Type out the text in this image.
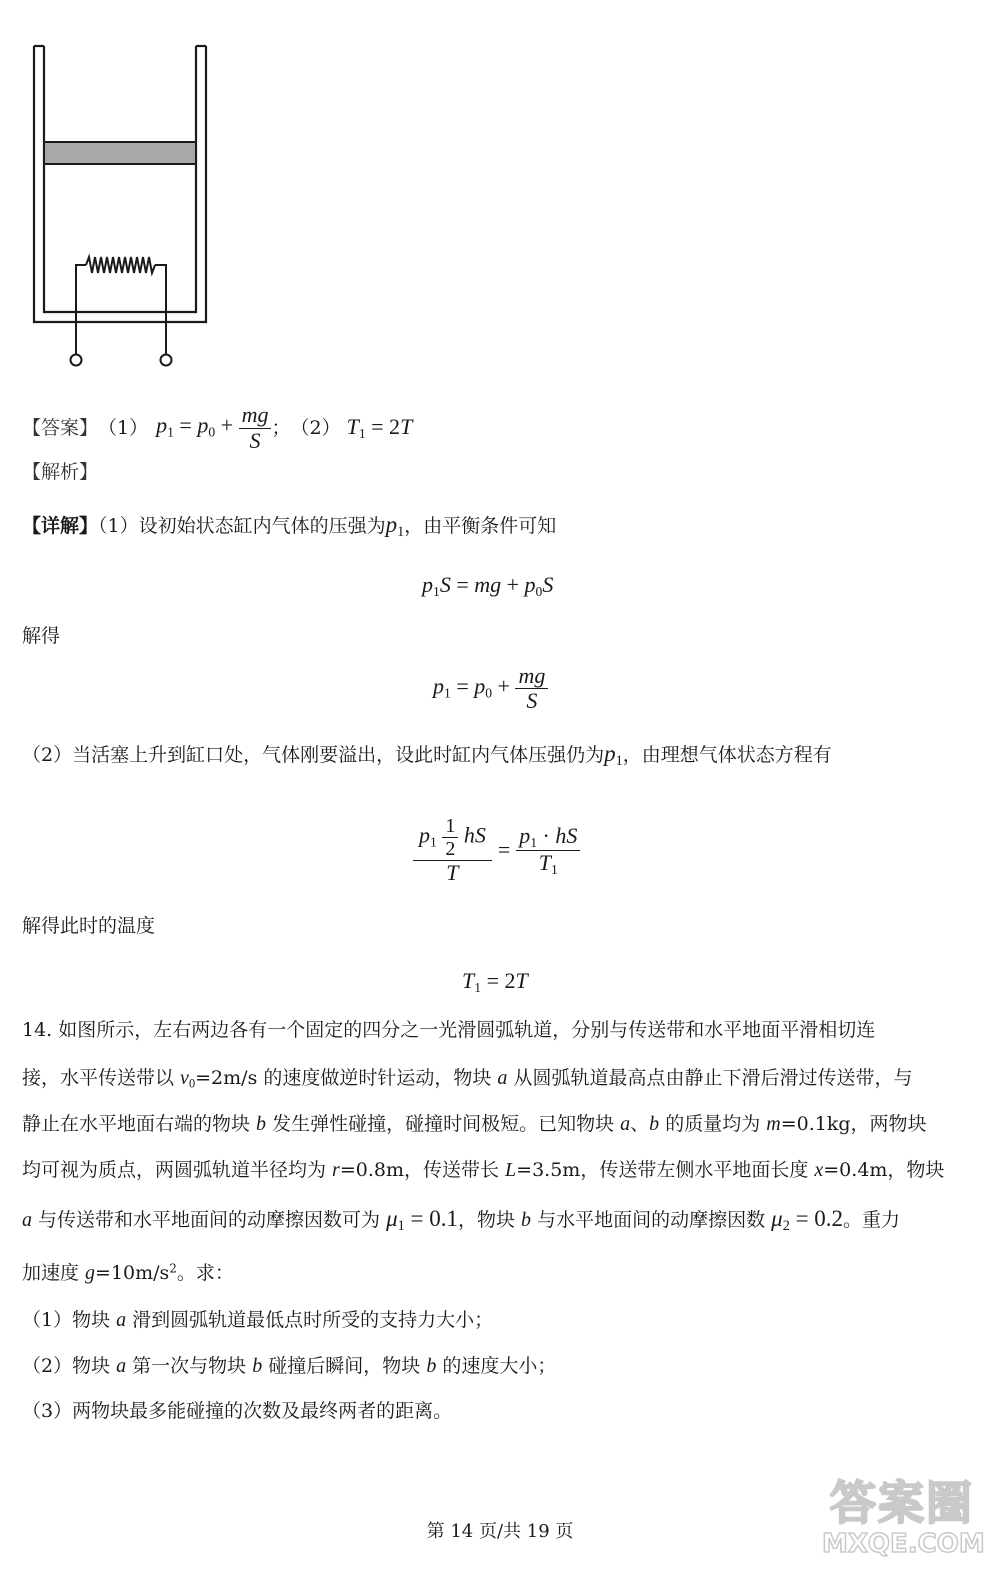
【答案】 （1） $p_1 = p_0 + \frac{mg}{S}$ ； （2） $T_1 = 2T$
【解析】
【详解】（1）设初始状态缸内气体的压强为$p_1$，由平衡条件可知
$p_1S$ = mg + $p_0S$
解得
$p_1 = p_0 + \frac{mg}{S}$
（2）当活塞上升到缸口处，气体刚要溢出，设此时缸内气体压强仍为$p_1$，由理想气体状态方程有
$\frac{p_1 \frac{1}{2} hS}{T} = \frac{p_1 \cdot hS}{T_1}$
解得此时的温度
$T_1 = 2T$
14. 如图所示，左右两边各有一个固定的四分之一光滑圆弧轨道，分别与传送带和水平地面平滑相切连
接，水平传送带以 $v_0=2m/s$ 的速度做逆时针运动，物块 a 从圆弧轨道最高点由静止下滑后滑过传送带，与
静止在水平地面右端的物块 b 发生弹性碰撞，碰撞时间极短。已知物块 a、b 的质量均为 m=0.1kg，两物块
均可视为质点，两圆弧轨道半径均为 r=0.8m，传送带长 L=3.5m，传送带左侧水平地面长度 x=0.4m，物块
a 与传送带和水平地面间的动摩擦因数可为 $\mu_1 = 0.1$，物块 b 与水平地面间的动摩擦因数 $\mu_2 = 0.2$。重力
加速度 $g=10m/s^2$。求：
（1）物块 a 滑到圆弧轨道最低点时所受的支持力大小；
（2）物块 a 第一次与物块 b 碰撞后瞬间，物块 b 的速度大小；
（3）两物块最多能碰撞的次数及最终两者的距离。
第 14 页/共 19 页
答案圈
MXQE.COM
